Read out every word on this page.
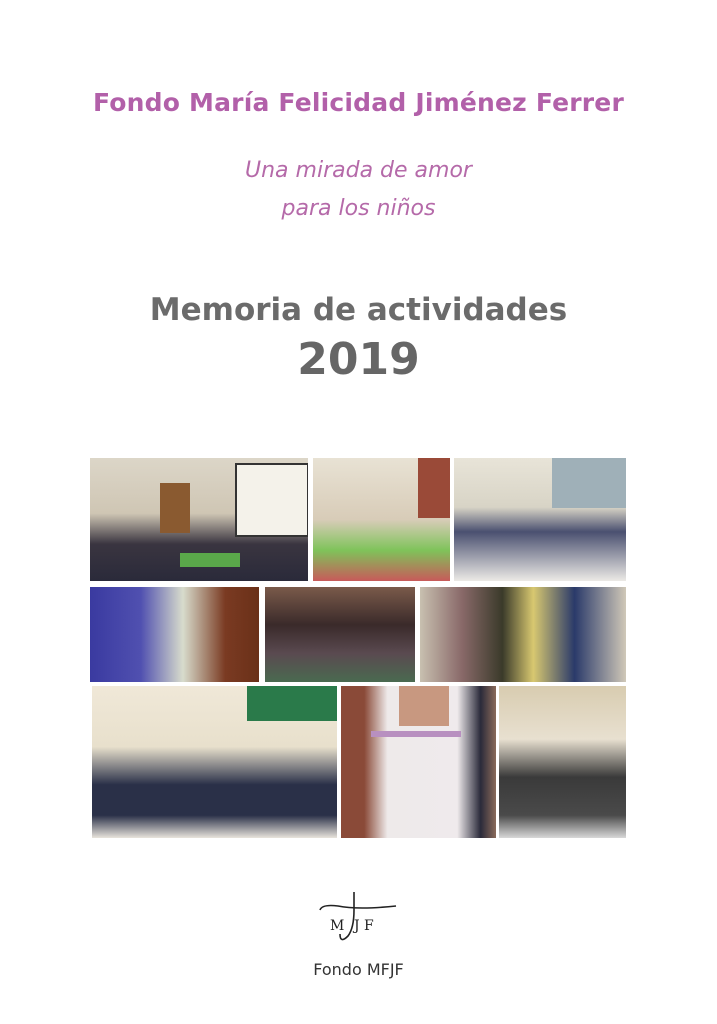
Fondo María Felicidad Jiménez Ferrer
Una mirada de amor
para los niños
Memoria de actividades
2019
M J F
Fondo MFJF
